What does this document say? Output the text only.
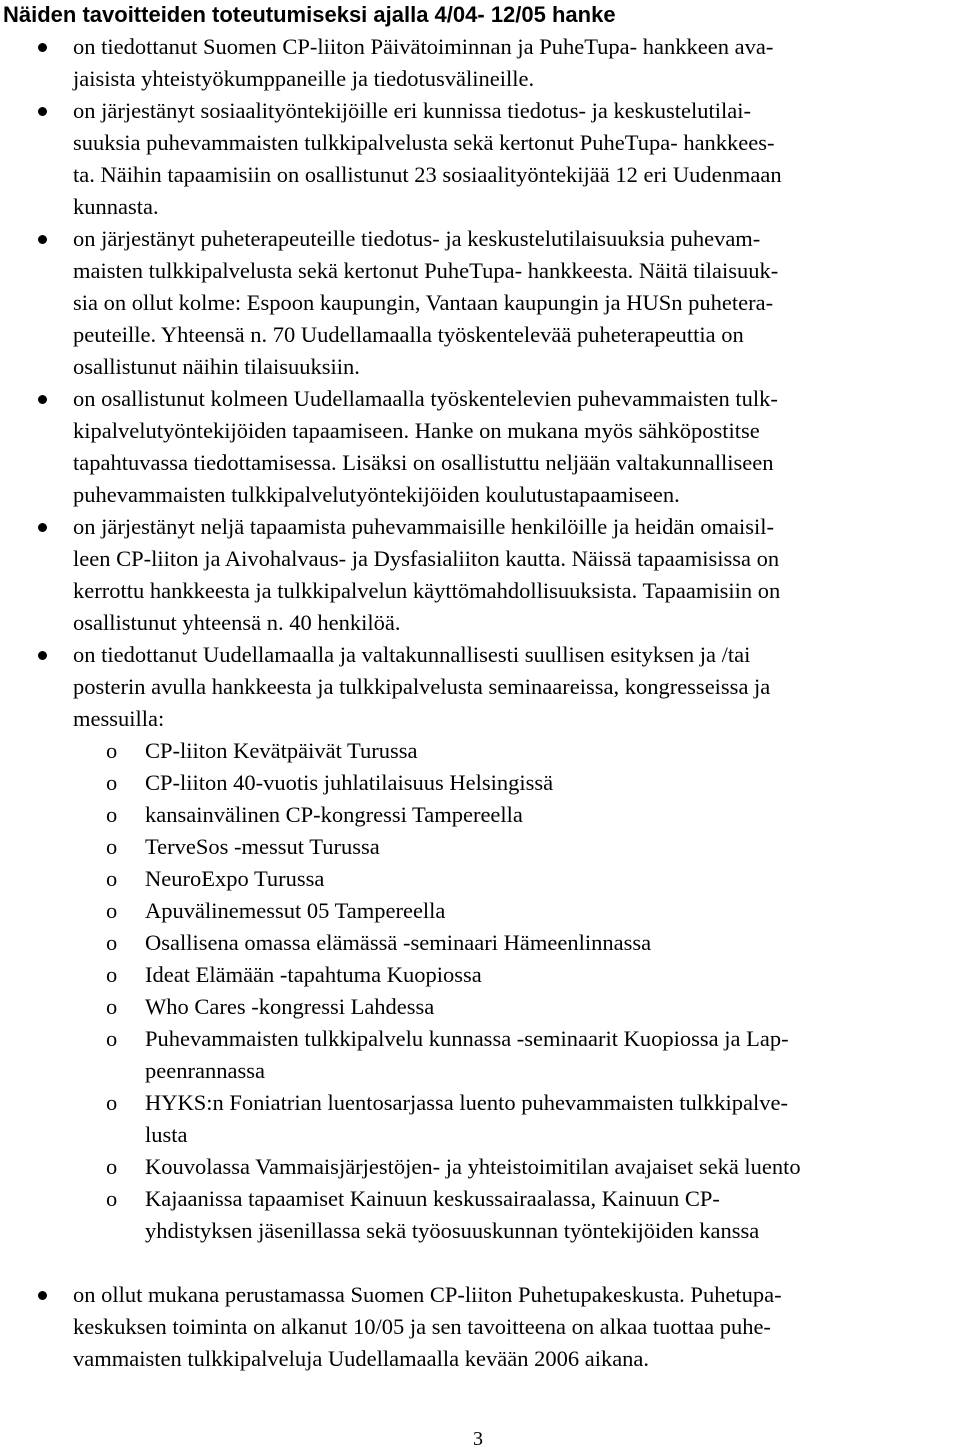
Näiden tavoitteiden toteutumiseksi ajalla 4/04- 12/05 hanke
on tiedottanut Suomen CP-liiton Päivätoiminnan ja PuheTupa- hankkeen ava-
jaisista yhteistyökumppaneille ja tiedotusvälineille.
on järjestänyt sosiaalityöntekijöille eri kunnissa tiedotus- ja keskustelutilai-
suuksia puhevammaisten tulkkipalvelusta sekä kertonut PuheTupa- hankkees-
ta. Näihin tapaamisiin on osallistunut 23 sosiaalityöntekijää 12 eri Uudenmaan
kunnasta.
on järjestänyt puheterapeuteille tiedotus- ja keskustelutilaisuuksia puhevam-
maisten tulkkipalvelusta sekä kertonut PuheTupa- hankkeesta. Näitä tilaisuuk-
sia on ollut kolme: Espoon kaupungin, Vantaan kaupungin ja HUSn puhetera-
peuteille. Yhteensä n. 70 Uudellamaalla työskentelevää puheterapeuttia on
osallistunut näihin tilaisuuksiin.
on osallistunut kolmeen Uudellamaalla työskentelevien puhevammaisten tulk-
kipalvelutyöntekijöiden tapaamiseen. Hanke on mukana myös sähköpostitse
tapahtuvassa tiedottamisessa. Lisäksi on osallistuttu neljään valtakunnalliseen
puhevammaisten tulkkipalvelutyöntekijöiden koulutustapaamiseen.
on järjestänyt neljä tapaamista puhevammaisille henkilöille ja heidän omaisil-
leen CP-liiton ja Aivohalvaus- ja Dysfasialiiton kautta. Näissä tapaamisissa on
kerrottu hankkeesta ja tulkkipalvelun käyttömahdollisuuksista. Tapaamisiin on
osallistunut yhteensä n. 40 henkilöä.
on tiedottanut Uudellamaalla ja valtakunnallisesti suullisen esityksen ja /tai
posterin avulla hankkeesta ja tulkkipalvelusta seminaareissa, kongresseissa ja
messuilla:
on ollut mukana perustamassa Suomen CP-liiton Puhetupakeskusta. Puhetupa-
keskuksen toiminta on alkanut 10/05 ja sen tavoitteena on alkaa tuottaa puhe-
vammaisten tulkkipalveluja Uudellamaalla kevään 2006 aikana.
o CP-liiton Kevätpäivät Turussa
o CP-liiton 40-vuotis juhlatilaisuus Helsingissä
o kansainvälinen CP-kongressi Tampereella
o TerveSos -messut Turussa
o NeuroExpo Turussa
o Apuvälinemessut 05 Tampereella
o Osallisena omassa elämässä -seminaari Hämeenlinnassa
o Ideat Elämään -tapahtuma Kuopiossa
o Who Cares -kongressi Lahdessa
o Puhevammaisten tulkkipalvelu kunnassa -seminaarit Kuopiossa ja Lap-
peenrannassa
o HYKS:n Foniatrian luentosarjassa luento puhevammaisten tulkkipalve-
lusta
o Kouvolassa Vammaisjärjestöjen- ja yhteistoimitilan avajaiset sekä luento
o Kajaanissa tapaamiset Kainuun keskussairaalassa, Kainuun CP-
yhdistyksen jäsenillassa sekä työosuuskunnan työntekijöiden kanssa
3
